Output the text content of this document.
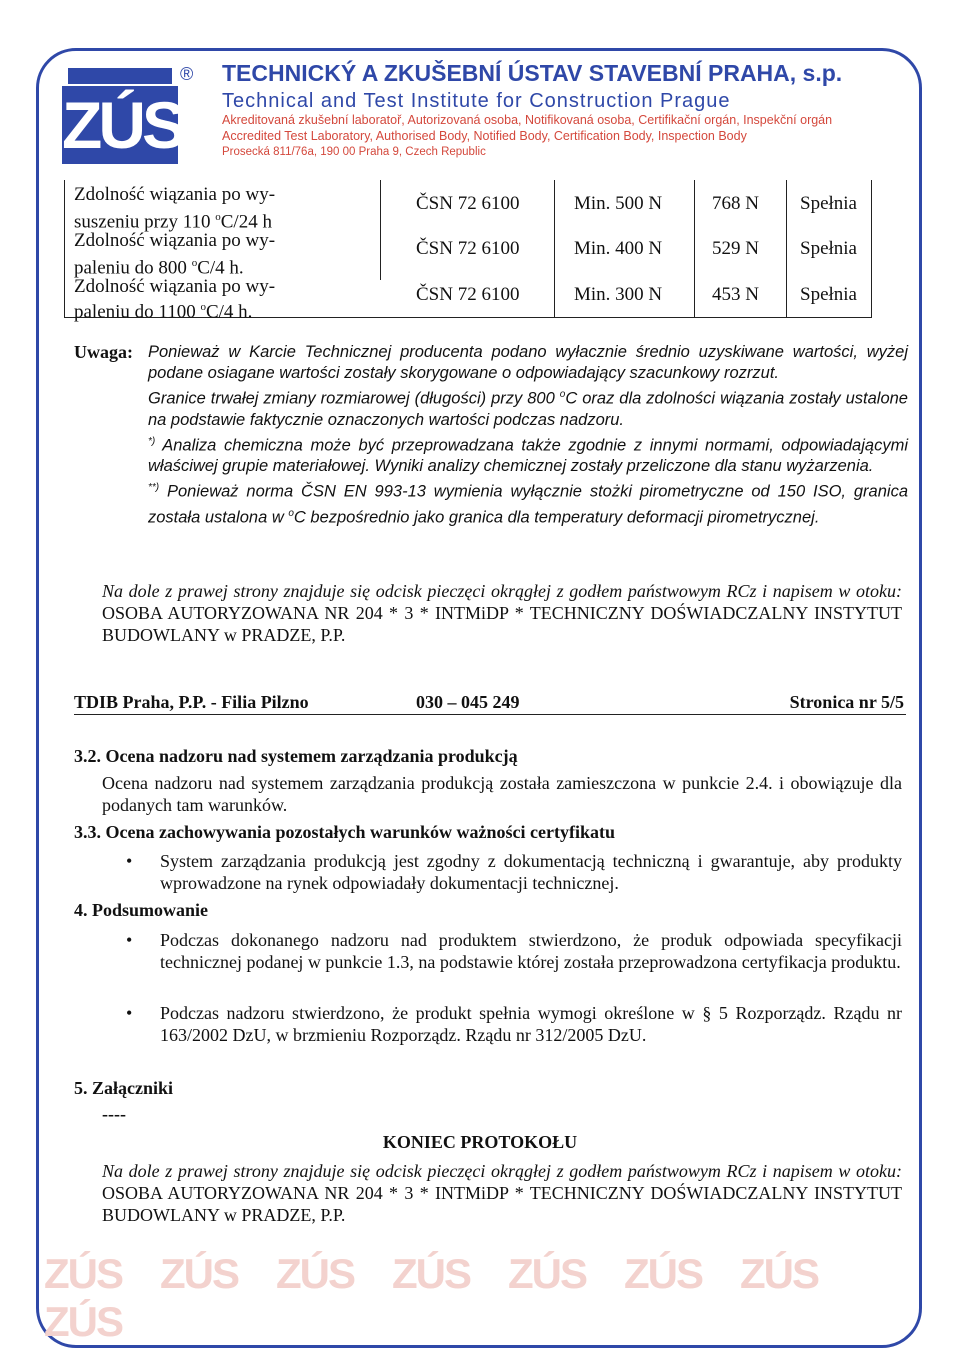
ZÚS
® TECHNICKÝ A ZKUŠEBNÍ ÚSTAV STAVEBNÍ PRAHA, s.p.
Technical and Test Institute for Construction Prague
Akreditovaná zkušební laboratoř, Autorizovaná osoba, Notifikovaná osoba, Certifikační orgán, Inspekční orgán
Accredited Test Laboratory, Authorised Body, Notified Body, Certification Body, Inspection Body
Prosecká 811/76a, 190 00 Praha 9, Czech Republic
Zdolność wiązania po wy-
suszeniu przy 110 $^o$C/24 h
ČSN 72 6100	Min. 500 N	768 N Spełnia
Zdolność wiązania po wy-
paleniu do 800 $^o$C/4 h.
ČSN 72 6100	Min. 400 N	529 N Spełnia
Zdolność wiązania po wy-
paleniu do 1100 $^o$C/4 h.
ČSN 72 6100	Min. 300 N	453 N Spełnia
Uwaga: Ponieważ w Karcie Technicznej producenta podano wyłacznie średnio uzyskiwane wartości, wyżej podane osiagane wartości zostały skorygowane o odpowiadający szacunkowy rozrzut.

Granice trwałej zmiany rozmiarowej (długości) przy 800 $^o$C oraz dla zdolności wiązania zostały ustalone na podstawie faktycznie oznaczonych wartości podczas nadzoru.

*) Analiza chemiczna może być przeprowadzana także zgodnie z innymi normami, odpowiadającymi właściwej grupie materiałowej. Wyniki analizy chemicznej zostały przeliczone dla stanu wyżarzenia.

**) Ponieważ norma ČSN EN 993-13 wymienia wyłącznie stożki pirometryczne od 150 ISO, granica została ustalona w $^o$C bezpośrednio jako granica dla temperatury deformacji pirometrycznej.

Na dole z prawej strony znajduje się odcisk pieczęci okrągłej z godłem państwowym RCz i napisem w otoku: OSOBA AUTORYZOWANA NR 204 * 3 * INTMiDP * TECHNICZNY DOŚWIADCZALNY INSTYTUT BUDOWLANY w PRADZE, P.P.
TDIB Praha, P.P. - Filia Pilzno	030 – 045 249	Stronica nr 5/5
3.2. Ocena nadzoru nad systemem zarządzania produkcją
Ocena nadzoru nad systemem zarządzania produkcją została zamieszczona w punkcie 2.4. i obowiązuje dla podanych tam warunków.
3.3. Ocena zachowywania pozostałych warunków ważności certyfikatu
• System zarządzania produkcją jest zgodny z dokumentacją techniczną i gwarantuje, aby produkty wprowadzone na rynek odpowiadały dokumentacji technicznej.
4. Podsumowanie
• Podczas dokonanego nadzoru nad produktem stwierdzono, że produk odpowiada specyfikacji technicznej podanej w punkcie 1.3, na podstawie której została przeprowadzona certyfikacja produktu.
• Podczas nadzoru stwierdzono, że produkt spełnia wymogi określone w § 5 Rozporządz. Rządu nr 163/2002 DzU, w brzmieniu Rozporządz. Rządu nr 312/2005 DzU.
5. Załączniki
----
KONIEC PROTOKOŁU
Na dole z prawej strony znajduje się odcisk pieczęci okrągłej z godłem państwowym RCz i napisem w otoku: OSOBA AUTORYZOWANA NR 204 * 3 * INTMiDP * TECHNICZNY DOŚWIADCZALNY INSTYTUT BUDOWLANY w PRADZE, P.P.
ZÚS ZÚS ZÚS ZÚS ZÚS ZÚS ZÚSZÚS
